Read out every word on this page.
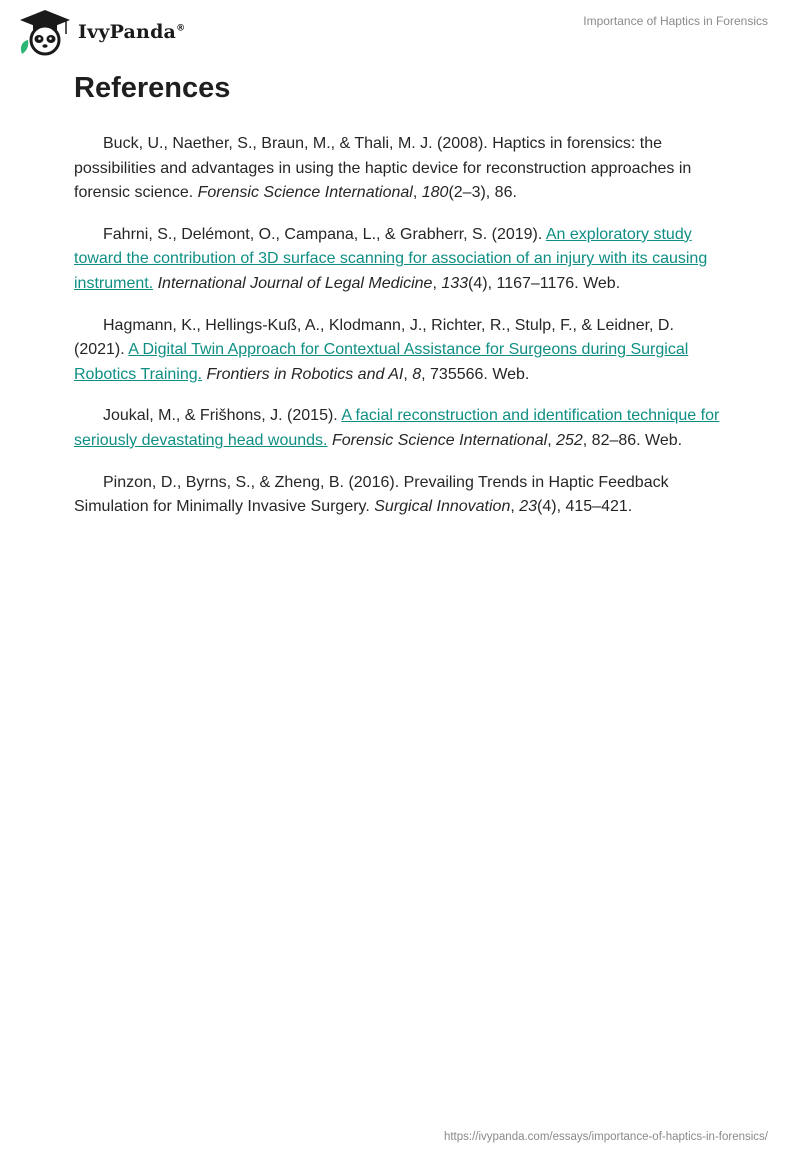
IvyPanda®
Importance of Haptics in Forensics
References

Buck, U., Naether, S., Braun, M., & Thali, M. J. (2008). Haptics in forensics: the possibilities and advantages in using the haptic device for reconstruction approaches in forensic science. Forensic Science International, 180(2–3), 86.

Fahrni, S., Delémont, O., Campana, L., & Grabherr, S. (2019). An exploratory study toward the contribution of 3D surface scanning for association of an injury with its causing instrument. International Journal of Legal Medicine, 133(4), 1167–1176. Web.

Hagmann, K., Hellings-Kuß, A., Klodmann, J., Richter, R., Stulp, F., & Leidner, D. (2021). A Digital Twin Approach for Contextual Assistance for Surgeons during Surgical Robotics Training. Frontiers in Robotics and AI, 8, 735566. Web.

Joukal, M., & Frišhons, J. (2015). A facial reconstruction and identification technique for seriously devastating head wounds. Forensic Science International, 252, 82–86. Web.

Pinzon, D., Byrns, S., & Zheng, B. (2016). Prevailing Trends in Haptic Feedback Simulation for Minimally Invasive Surgery. Surgical Innovation, 23(4), 415–421.

https://ivypanda.com/essays/importance-of-haptics-in-forensics/
